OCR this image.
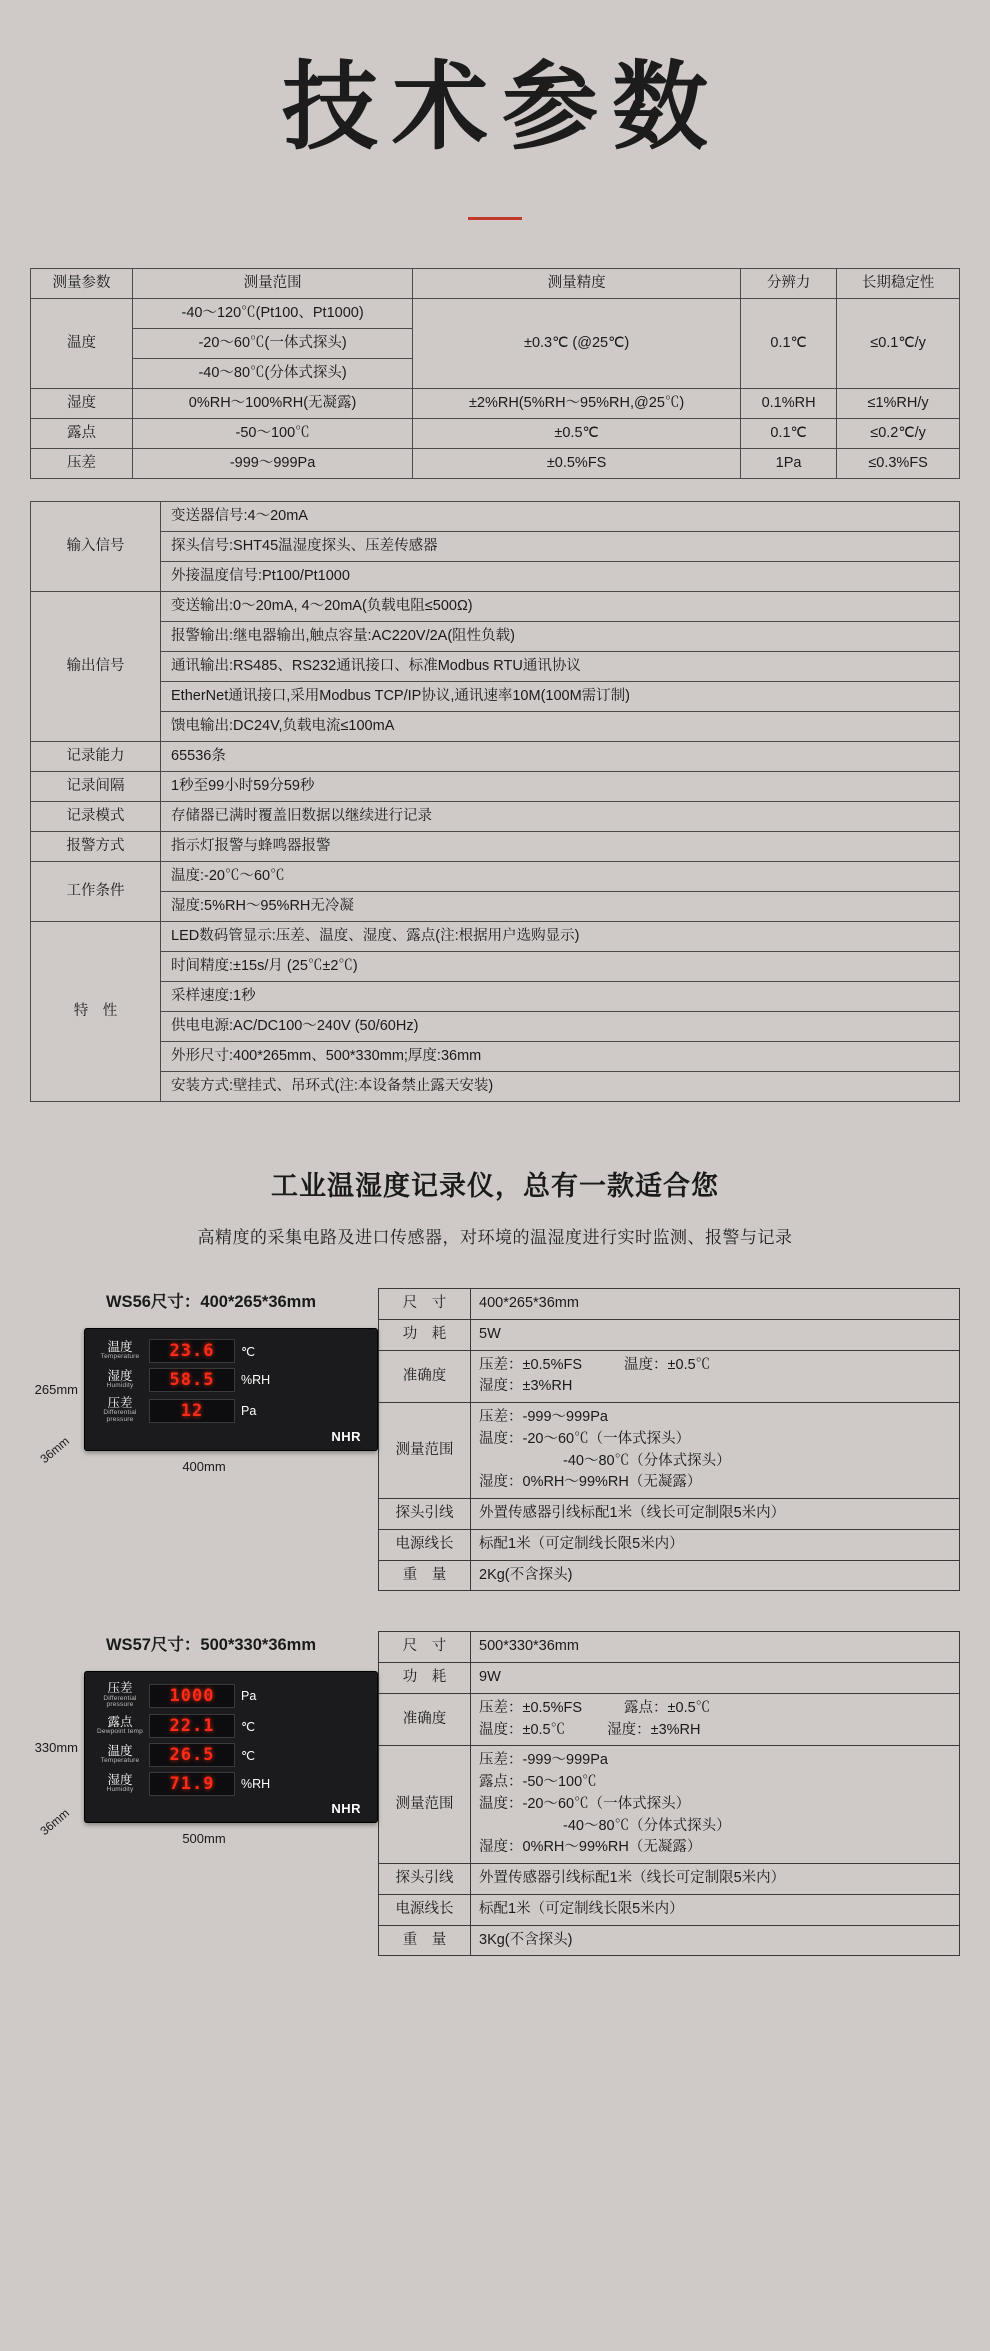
技术参数
测量参数	测量范围	测量精度	分辨力	长期稳定性
温度	-40～120℃(Pt100、Pt1000)	±0.3℃ (@25℃)	0.1℃	≤0.1℃/y
	-20～60℃(一体式探头)			
	-40～80℃(分体式探头)			
湿度	0%RH～100%RH(无凝露)	±2%RH(5%RH～95%RH,@25℃)	0.1%RH	≤1%RH/y
露点	-50～100℃	±0.5℃	0.1℃	≤0.2℃/y
压差	-999～999Pa	±0.5%FS	1Pa	≤0.3%FS
输入信号	变送器信号:4～20mA
	探头信号:SHT45温湿度探头、压差传感器
	外接温度信号:Pt100/Pt1000
输出信号	变送输出:0～20mA, 4～20mA(负载电阻≤500Ω)
	报警输出:继电器输出,触点容量:AC220V/2A(阻性负载)
	通讯输出:RS485、RS232通讯接口、标准Modbus RTU通讯协议
	EtherNet通讯接口,采用Modbus TCP/IP协议,通讯速率10M(100M需订制)
	馈电输出:DC24V,负载电流≤100mA
记录能力	65536条
记录间隔	1秒至99小时59分59秒
记录模式	存储器已满时覆盖旧数据以继续进行记录
报警方式	指示灯报警与蜂鸣器报警
工作条件	温度:-20℃～60℃
	湿度:5%RH～95%RH无冷凝
特　性	LED数码管显示:压差、温度、湿度、露点(注:根据用户选购显示)
	时间精度:±15s/月 (25℃±2℃)
	采样速度:1秒
	供电电源:AC/DC100～240V (50/60Hz)
	外形尺寸:400*265mm、500*330mm;厚度:36mm
	安装方式:壁挂式、吊环式(注:本设备禁止露天安装)
工业温湿度记录仪，总有一款适合您
高精度的采集电路及进口传感器，对环境的温湿度进行实时监测、报警与记录
WS56尺寸：400*265*36mm
265mm
温度
Temperature	23.6	℃
湿度
Humidity	58.5	%RH
压差
Differential pressure	12	Pa
NHR
36mm
400mm
尺　寸	400*265*36mm

功　耗	5W

准确度	压差：±0.5%FS 温度：±0.5℃
湿度：±3%RH

测量范围	压差：-999～999Pa
温度：-20～60℃（一体式探头）
-40～80℃（分体式探头）
湿度：0%RH～99%RH（无凝露）

探头引线	外置传感器引线标配1米（线长可定制限5米内）

电源线长	标配1米（可定制线长限5米内）

重　量	2Kg(不含探头)
WS57尺寸：500*330*36mm
330mm
压差
Differential pressure	1000	Pa
露点
Dewpoint temp	22.1	℃
温度
Temperature	26.5	℃
湿度
Humidity	71.9	%RH
NHR
36mm
500mm
尺　寸	500*330*36mm

功　耗	9W

准确度	压差：±0.5%FS 露点：±0.5℃
温度：±0.5℃ 湿度：±3%RH

测量范围	压差：-999～999Pa
露点：-50～100℃
温度：-20～60℃（一体式探头）
-40～80℃（分体式探头）
湿度：0%RH～99%RH（无凝露）

探头引线	外置传感器引线标配1米（线长可定制限5米内）

电源线长	标配1米（可定制线长限5米内）

重　量	3Kg(不含探头)
